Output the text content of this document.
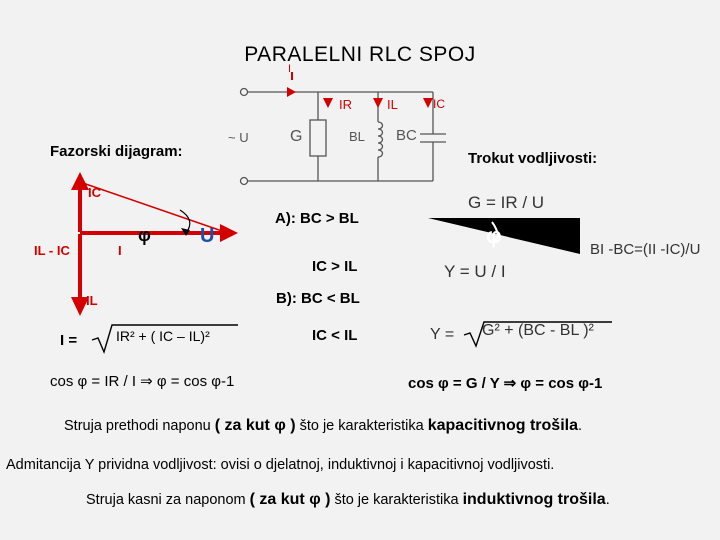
PARALELNI RLC SPOJ
I
IR	IL	IC
~ U	G	BL BC
Fazorski dijagram:	Trokut vodljivosti:
IC
IL - IC	I
φ U
IL
I =	IR² + ( IC – IL)²
A): BC > BL
IC > IL
B): BC < BL
IC < IL
G = IR / U
φ
BI -BC=(II -IC)/U
Y = U / I
Y = G² + (BC - BL )²
cos φ = IR / I ⇒ φ = cos φ-1	cos φ = G / Y ⇒ φ = cos φ-1
Struja prethodi naponu ( za kut φ ) što je karakteristika kapacitivnog trošila.
Admitancija Y prividna vodljivost: ovisi o djelatnoj, induktivnoj i kapacitivnoj vodljivosti.
Struja kasni za naponom ( za kut φ ) što je karakteristika induktivnog trošila.
